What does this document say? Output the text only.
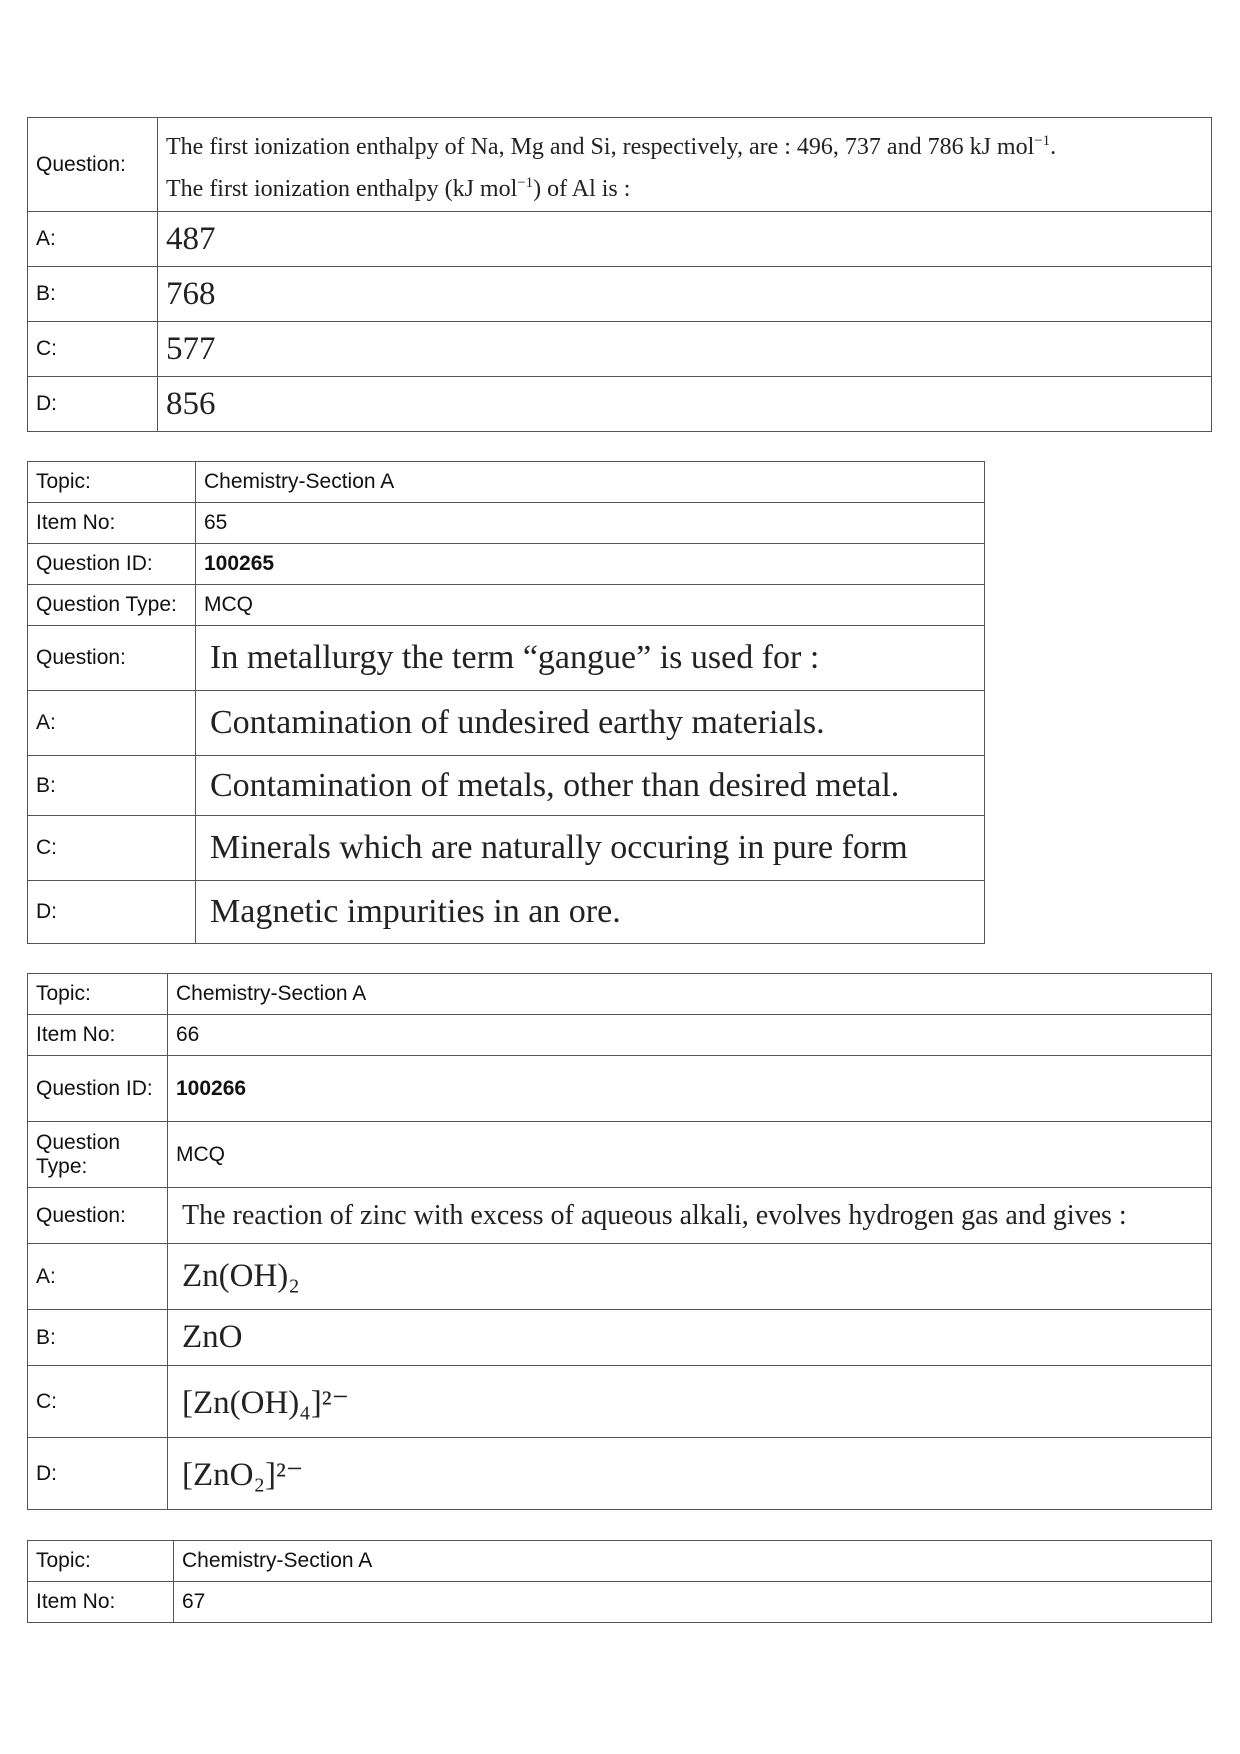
Question:	The first ionization enthalpy of Na, Mg and Si, respectively, are : 496, 737 and 786 kJ mol$^{-1}$.
The first ionization enthalpy (kJ mol$^{-1}$) of Al is :
A:	487
B:	768
C:	577
D:	856
Topic:	Chemistry-Section A
Item No:	65
Question ID:	100265
Question Type:	MCQ
Question:	In metallurgy the term “gangue” is used for :
A:	Contamination of undesired earthy materials.
B:	Contamination of metals, other than desired metal.
C:	Minerals which are naturally occuring in pure form
D:	Magnetic impurities in an ore.
Topic:	Chemistry-Section A
Item No:	66
Question ID:	100266
Question Type:	MCQ
Question:	The reaction of zinc with excess of aqueous alkali, evolves hydrogen gas and gives :
A:	Zn(OH)₂
B:	ZnO
C:	[Zn(OH)₄]²⁻
D:	[ZnO₂]²⁻
Topic:	Chemistry-Section A
Item No:	67
